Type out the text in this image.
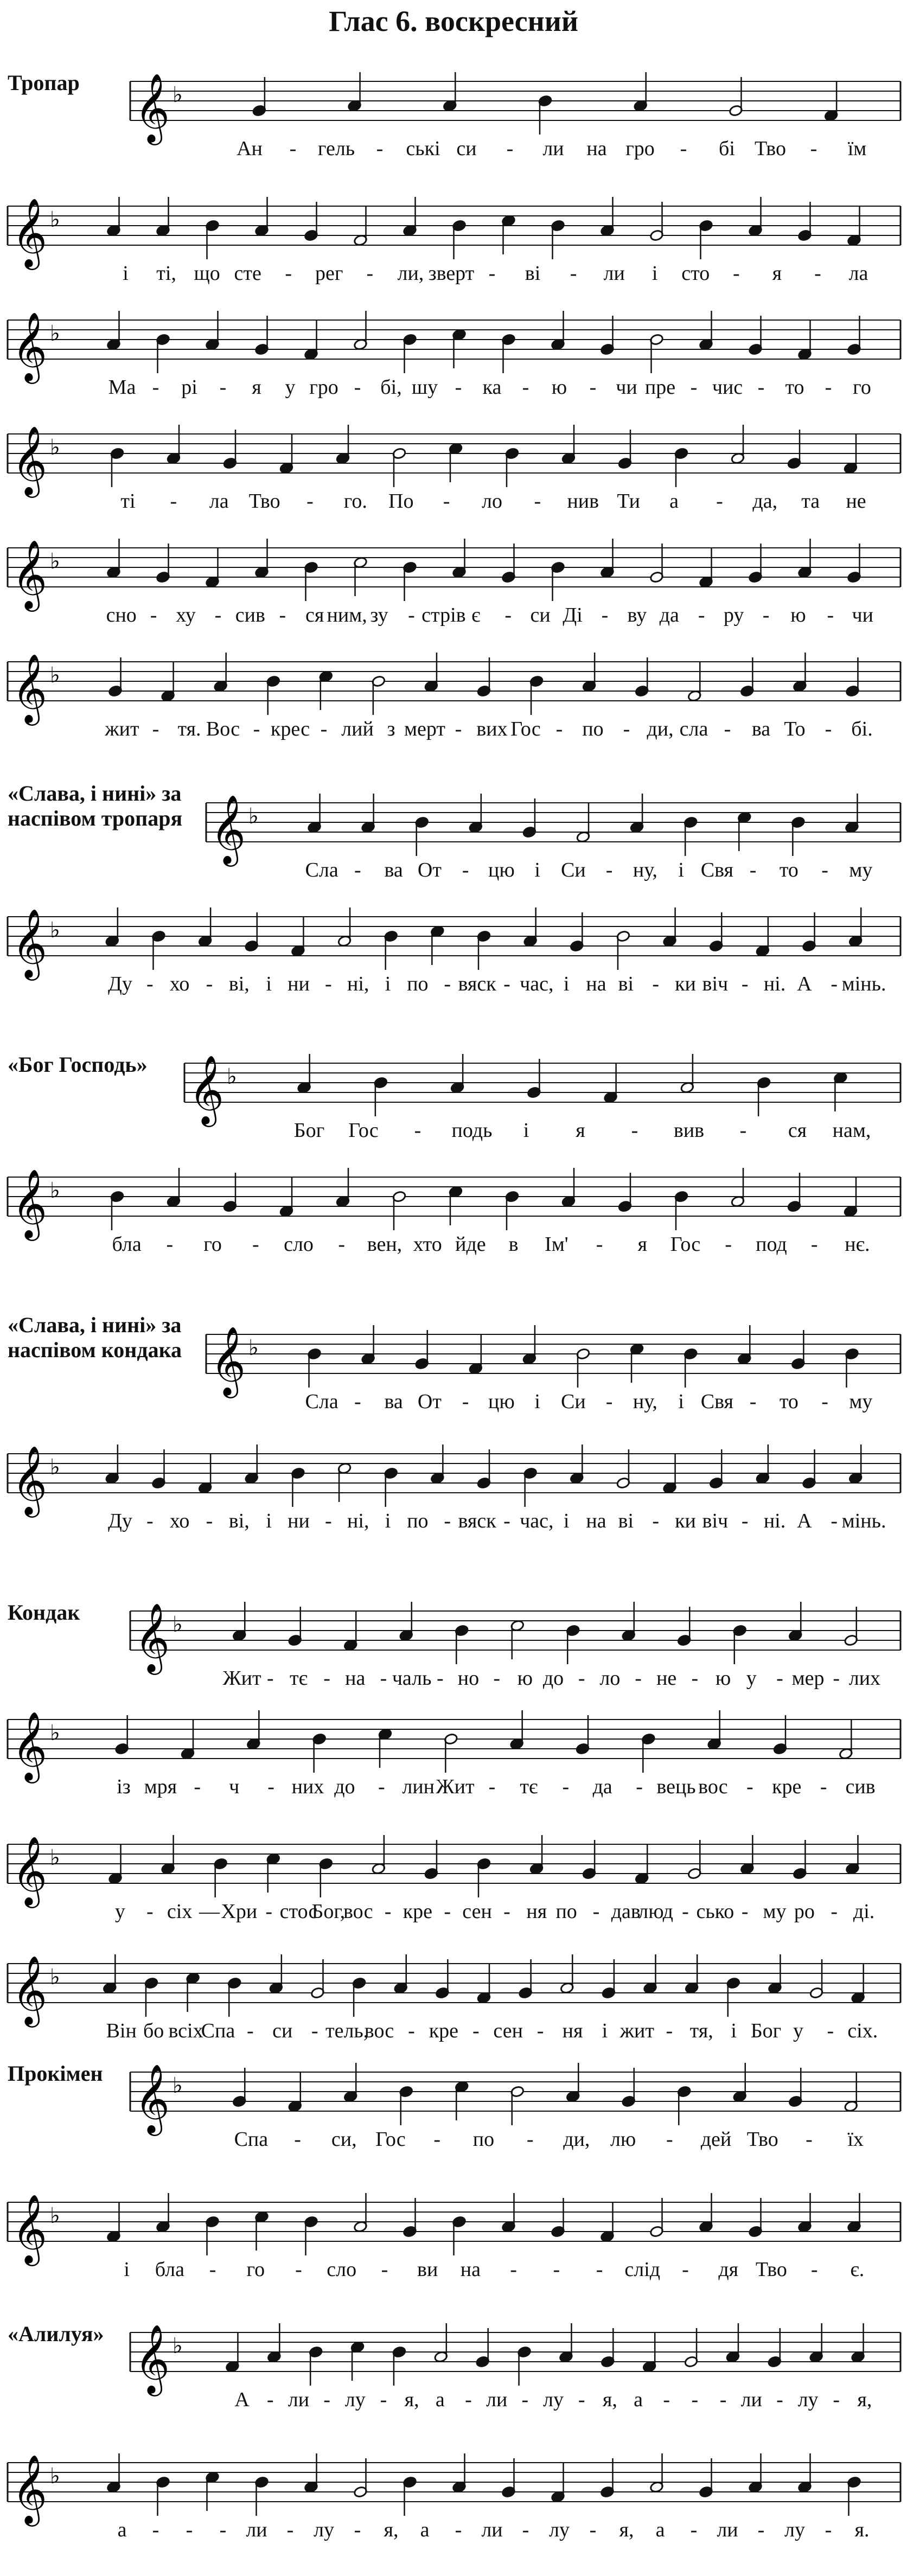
Глас 6. воскресний
Тропар 𝄞 ♭
Ан - гель - ські си - ли на гро - бі Тво - їм
𝄞 ♭
і ті, що сте - рег - ли, зверт - ві - ли і сто - я - ла
𝄞 ♭
Ма - рі - я у гро - бі, шу - ка - ю - чи пре - чис - то - го
𝄞 ♭
ті - ла Тво - го. По - ло - нив Ти а - да, та не
𝄞 ♭
сно - ху - сив - ся ним, зу - стрів є - си Ді - ву да - ру - ю - чи
𝄞 ♭
жит - тя. Вос - крес - лий з мерт - вих Гос - по - ди, сла - ва То - бі.
«Слава, і нині» за наспівом тропаря 𝄞 ♭
Сла - ва От - цю і Си - ну, і Свя - то - му
𝄞 ♭
Ду - хо - ві, і ни - ні, і по - вяск - час, і на ві - ки віч - ні. А - мінь.
«Бог Господь» 𝄞 ♭
Бог Гос - подь і я - вив - ся нам,
𝄞 ♭
бла - го - сло - вен, хто йде в Ім' - я Гос - под - нє.
«Слава, і нині» за наспівом кондака 𝄞 ♭
Сла - ва От - цю і Си - ну, і Свя - то - му
𝄞 ♭
Ду - хо - ві, і ни - ні, і по - вяск - час, і на ві - ки віч - ні. А - мінь.
Кондак 𝄞 ♭
Жит - тє - на - чаль - но - ю до - ло - не - ю у - мер - лих
𝄞 ♭
із мря - ч - них до - лин Жит - тє - да - вець вос - кре - сив
𝄞 ♭
у - сіх — Хри - стос
Бог,
вос - кре - сен - ня по - дав
люд - сько - му ро - ді.
𝄞 ♭
Він бо всіх
Спа - си - тель,
вос - кре - сен - ня і жит - тя, і Бог у - сіх.
Прокімен 𝄞 ♭
Спа - си, Гос - по - ди, лю - дей Тво - їх
𝄞 ♭
і бла - го - сло - ви на - - - слід - дя Тво - є.
«Алилуя» 𝄞 ♭
А - ли - лу - я, а - ли - лу - я, а - - - ли - лу - я,
𝄞 ♭
а - - - ли - лу - я, а - ли - лу - я, а - ли - лу - я.
